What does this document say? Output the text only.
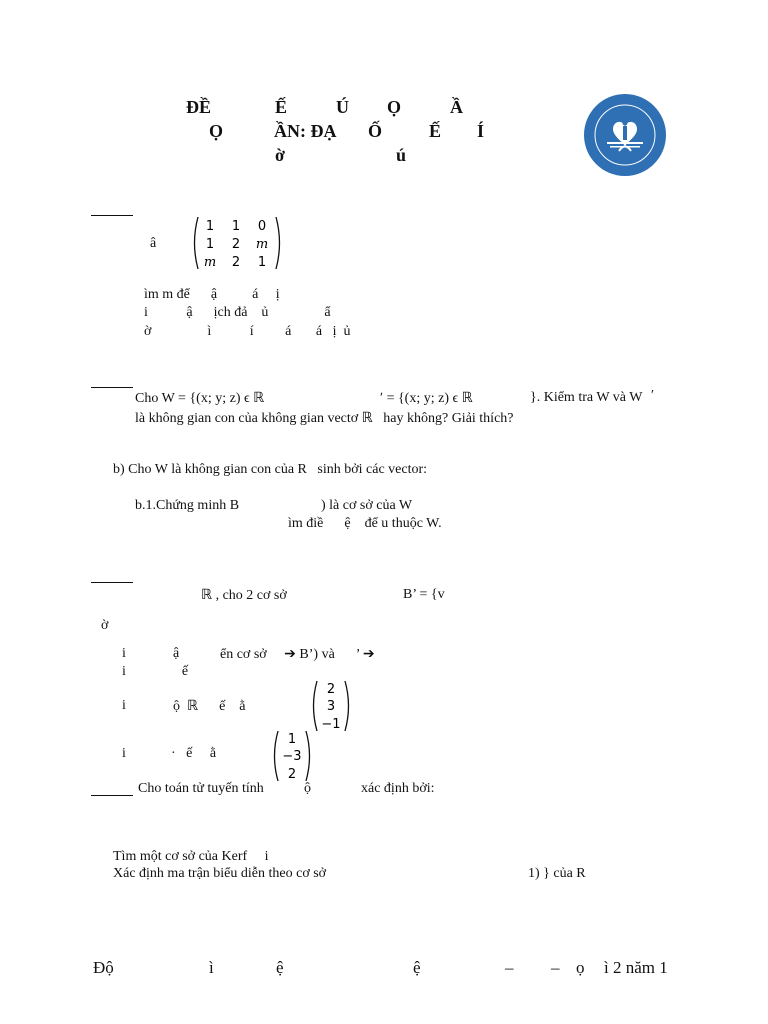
ĐỀ	Ế	Ú Ọ	Ầ
Ọ	ẦN: ĐẠ Ố	Ế Í
ờ	ú
â
1 1 0
1 2 m
m 2 1
ìm m để      ậ          á     ị
i           ậ      ịch đả    ủ                ẩ
ờ                ì           í         á       á   ị  ủ
Cho W = {(x; y; z) ϵ ℝ	ʹ = {(x; y; z) ϵ ℝ	}. Kiểm tra W và W ′
là không gian con của không gian vectơ ℝ   hay không? Giải thích?
b) Cho W là không gian con của R   sinh bởi các vector:
b.1.Chứng minh B	) là cơ sở của W
ìm điề      ệ    để u thuộc W.
ℝ , cho 2 cơ sở	B’ = {v
ờ
i	ậ	ển cơ sở     ➔ B’) và      ’ ➔
i                ế
i	ộ  ℝ      ế    ằ
2
3
−1
i	·   ế     ằ
1
−3
2
Cho toán tử tuyến tính	ộ	xác định bởi:
Tìm một cơ sở của Kerf     i
Xác định ma trận biểu diễn theo cơ sở	1) } của R
Độ	ì	ệ	ệ	– – ọ ì 2 năm 1
